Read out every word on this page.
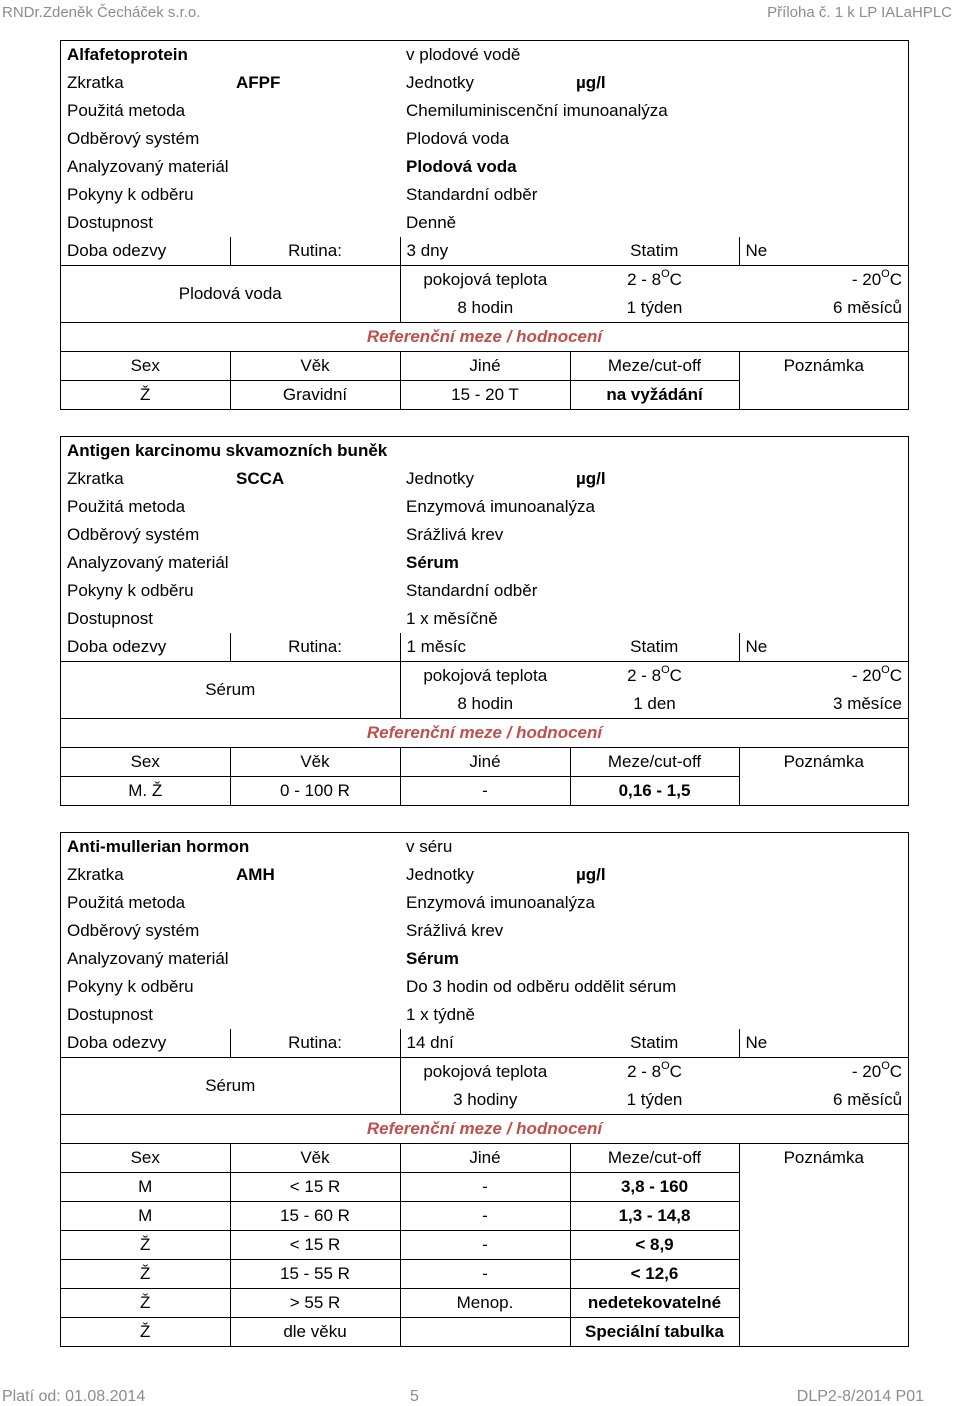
RNDr.Zdeněk Čecháček s.r.o.	Příloha č. 1 k LP IALaHPLC
Alfafetoprotein		v plodové vodě		
Zkratka	AFPF	Jednotky	µg/l	
Použitá metoda		Chemiluminiscenční imunoanalýza		
Odběrový systém		Plodová voda		
Analyzovaný materiál		Plodová voda		
Pokyny k odběru		Standardní odběr		
Dostupnost		Denně		
Doba odezvy	Rutina:	3 dny	Statim	Ne
Plodová voda		pokojová teplota	$2 - 8^OC$	- $20^OC$
		8 hodin	1 týden	6 měsíců
Referenční meze / hodnocení				
Sex	Věk	Jiné	Meze/cut-off	Poznámka
Ž	Gravidní	15 - 20 T	na vyžádání	
Antigen karcinomu skvamozních buněk				
Zkratka	SCCA	Jednotky	µg/l	
Použitá metoda		Enzymová imunoanalýza		
Odběrový systém		Srážlivá krev		
Analyzovaný materiál		Sérum		
Pokyny k odběru		Standardní odběr		
Dostupnost		1 x měsíčně		
Doba odezvy	Rutina:	1 měsíc	Statim	Ne
Sérum		pokojová teplota	$2 - 8^OC$	- $20^OC$
		8 hodin	1 den	3 měsíce
Referenční meze / hodnocení				
Sex	Věk	Jiné	Meze/cut-off	Poznámka
M. Ž	0 - 100 R	-	0,16 - 1,5	
Anti-mullerian hormon		v séru		
Zkratka	AMH	Jednotky	µg/l	
Použitá metoda		Enzymová imunoanalýza		
Odběrový systém		Srážlivá krev		
Analyzovaný materiál		Sérum		
Pokyny k odběru		Do 3 hodin od odběru oddělit sérum		
Dostupnost		1 x týdně		
Doba odezvy	Rutina:	14 dní	Statim	Ne
Sérum		pokojová teplota	$2 - 8^OC$	- $20^OC$
		3 hodiny	1 týden	6 měsíců
Referenční meze / hodnocení				
Sex	Věk	Jiné	Meze/cut-off	Poznámka
M	< 15 R	-	3,8 - 160	
M	15 - 60 R	-	1,3 - 14,8	
Ž	< 15 R	-	< 8,9	
Ž	15 - 55 R	-	< 12,6	
Ž	> 55 R	Menop.	nedetekovatelné	
Ž	dle věku		Speciální tabulka	
Platí od: 01.08.2014	5	DLP2-8/2014 P01
